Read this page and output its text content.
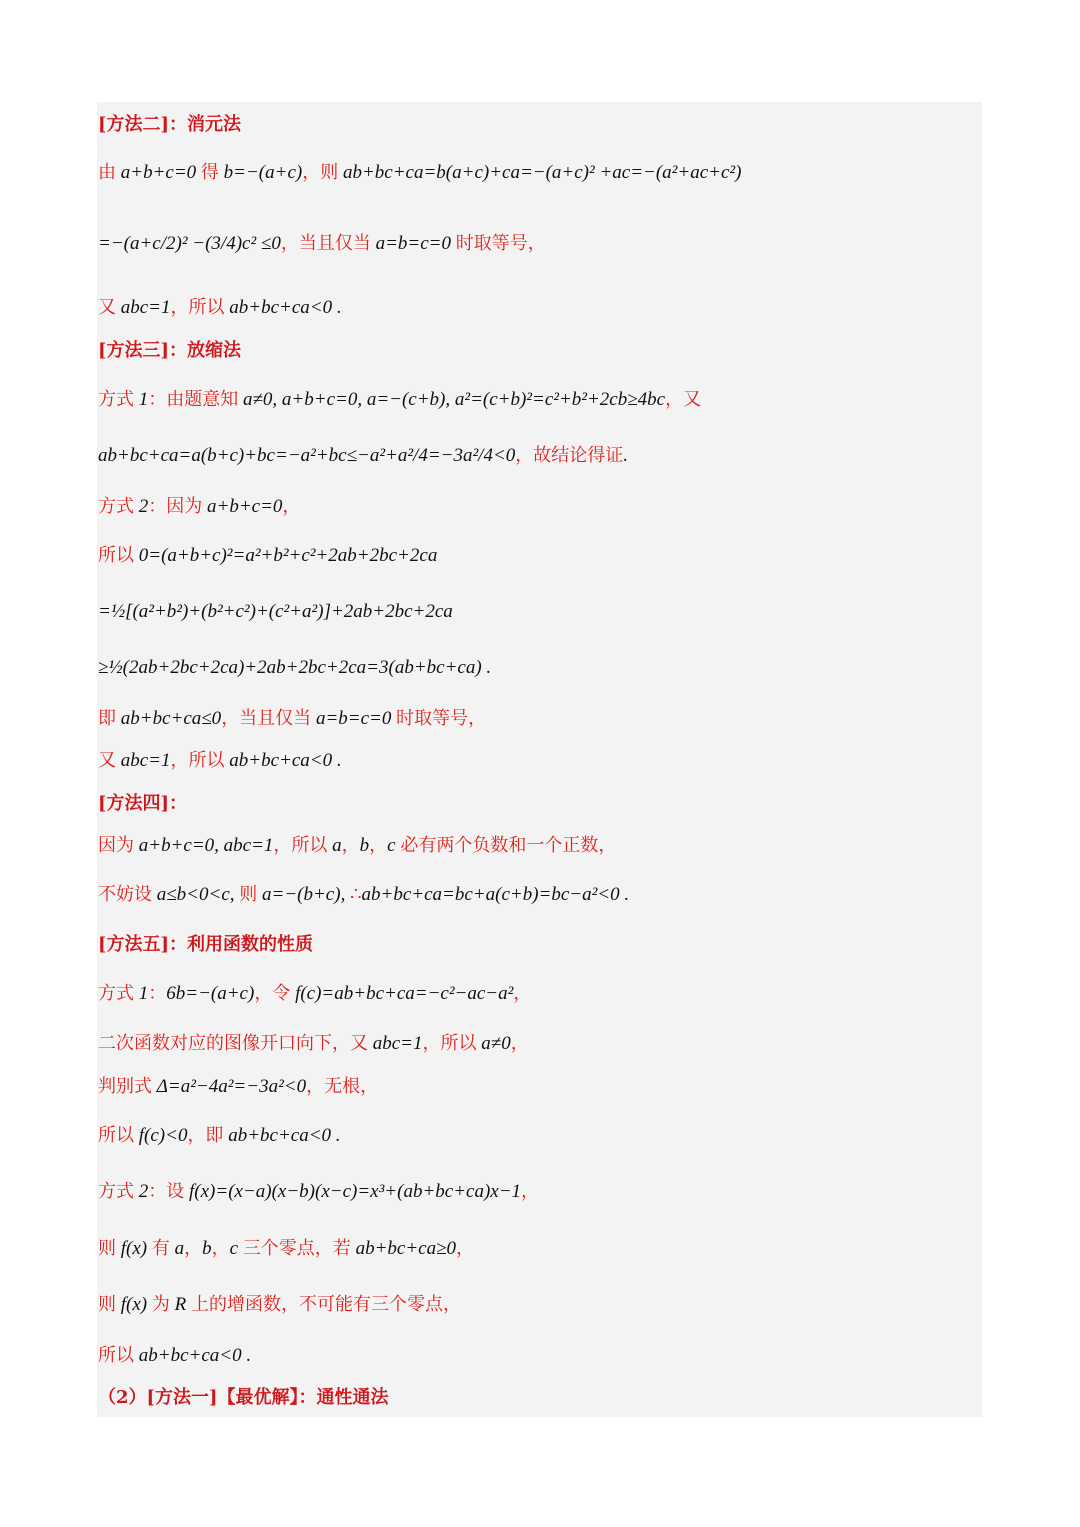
[方法二]：消元法
由 a+b+c=0 得 b=−(a+c)，则 ab+bc+ca=b(a+c)+ca=−(a+c)² +ac=−(a²+ac+c²)
=−(a+c/2)² −(3/4)c² ≤0，当且仅当 a=b=c=0 时取等号，
又 abc=1，所以 ab+bc+ca<0 .
[方法三]：放缩法
方式 1：由题意知 a≠0, a+b+c=0, a=−(c+b), a²=(c+b)²=c²+b²+2cb≥4bc，又
ab+bc+ca=a(b+c)+bc=−a²+bc≤−a²+a²/4=−3a²/4<0，故结论得证.
方式 2：因为 a+b+c=0，
所以 0=(a+b+c)²=a²+b²+c²+2ab+2bc+2ca
=½[(a²+b²)+(b²+c²)+(c²+a²)]+2ab+2bc+2ca
≥½(2ab+2bc+2ca)+2ab+2bc+2ca=3(ab+bc+ca) .
即 ab+bc+ca≤0，当且仅当 a=b=c=0 时取等号，
又 abc=1，所以 ab+bc+ca<0 .
[方法四]：
因为 a+b+c=0, abc=1，所以 a，b，c 必有两个负数和一个正数，
不妨设 a≤b<0<c, 则 a=−(b+c), ∴ab+bc+ca=bc+a(c+b)=bc−a²<0 .
[方法五]：利用函数的性质
方式 1：6b=−(a+c)，令 f(c)=ab+bc+ca=−c²−ac−a²，
二次函数对应的图像开口向下，又 abc=1，所以 a≠0，
判别式 Δ=a²−4a²=−3a²<0，无根，
所以 f(c)<0，即 ab+bc+ca<0 .
方式 2：设 f(x)=(x−a)(x−b)(x−c)=x³+(ab+bc+ca)x−1，
则 f(x) 有 a，b，c 三个零点，若 ab+bc+ca≥0，
则 f(x) 为 R 上的增函数，不可能有三个零点，
所以 ab+bc+ca<0 .
（2）[方法一]【最优解】：通性通法
